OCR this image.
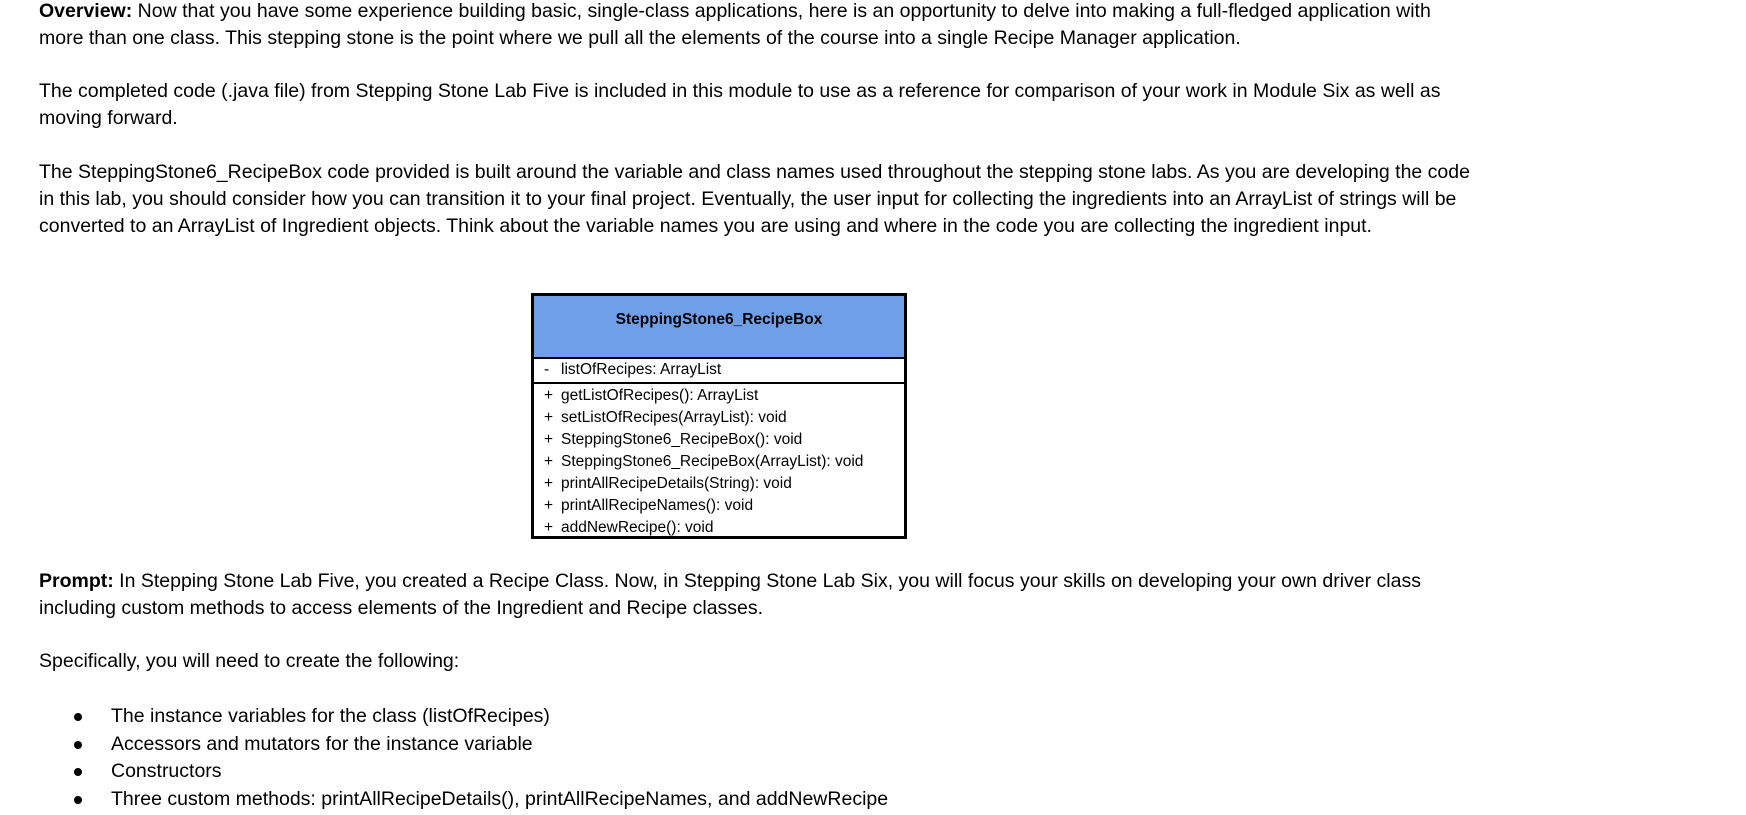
Overview: Now that you have some experience building basic, single-class applications, here is an opportunity to delve into making a full-fledged application with more than one class. This stepping stone is the point where we pull all the elements of the course into a single Recipe Manager application.

The completed code (.java file) from Stepping Stone Lab Five is included in this module to use as a reference for comparison of your work in Module Six as well as moving forward.

The SteppingStone6_RecipeBox code provided is built around the variable and class names used throughout the stepping stone labs. As you are developing the code in this lab, you should consider how you can transition it to your final project. Eventually, the user input for collecting the ingredients into an ArrayList of strings will be converted to an ArrayList of Ingredient objects. Think about the variable names you are using and where in the code you are collecting the ingredient input.

Prompt: In Stepping Stone Lab Five, you created a Recipe Class. Now, in Stepping Stone Lab Six, you will focus your skills on developing your own driver class including custom methods to access elements of the Ingredient and Recipe classes.

Specifically, you will need to create the following:

The instance variables for the class (listOfRecipes)
Accessors and mutators for the instance variable
Constructors
Three custom methods: printAllRecipeDetails(), printAllRecipeNames, and addNewRecipe
SteppingStone6_RecipeBox
- listOfRecipes: ArrayList
+ getListOfRecipes(): ArrayList
+ setListOfRecipes(ArrayList): void
+ SteppingStone6_RecipeBox(): void
+ SteppingStone6_RecipeBox(ArrayList): void
+ printAllRecipeDetails(String): void
+ printAllRecipeNames(): void
+ addNewRecipe(): void
